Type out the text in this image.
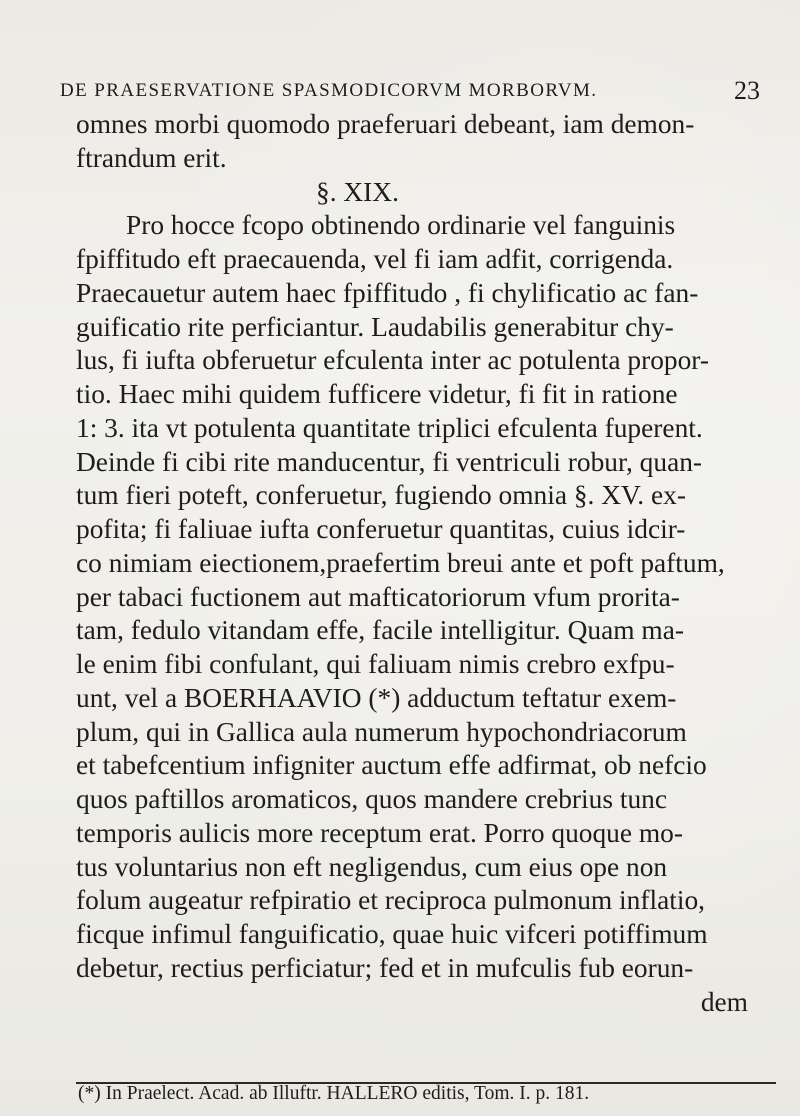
DE PRAESERVATIONE SPASMODICORVM MORBORVM.	23
omnes morbi quomodo praeferuari debeant, iam demon-
ftrandum erit.
§. XIX.
Pro hocce fcopo obtinendo ordinarie vel fanguinis
fpiffitudo eft praecauenda, vel fi iam adfit, corrigenda.
Praecauetur autem haec fpiffitudo , fi chylificatio ac fan-
guificatio rite perficiantur. Laudabilis generabitur chy-
lus, fi iufta obferuetur efculenta inter ac potulenta propor-
tio. Haec mihi quidem fufficere videtur, fi fit in ratione
1: 3. ita vt potulenta quantitate triplici efculenta fuperent.
Deinde fi cibi rite manducentur, fi ventriculi robur, quan-
tum fieri poteft, conferuetur, fugiendo omnia §. XV. ex-
pofita; fi faliuae iufta conferuetur quantitas, cuius idcir-
co nimiam eiectionem,praefertim breui ante et poft paftum,
per tabaci fuctionem aut mafticatoriorum vfum prorita-
tam, fedulo vitandam effe, facile intelligitur. Quam ma-
le enim fibi confulant, qui faliuam nimis crebro exfpu-
unt, vel a BOERHAAVIO (*) adductum teftatur exem-
plum, qui in Gallica aula numerum hypochondriacorum
et tabefcentium infigniter auctum effe adfirmat, ob nefcio
quos paftillos aromaticos, quos mandere crebrius tunc
temporis aulicis more receptum erat. Porro quoque mo-
tus voluntarius non eft negligendus, cum eius ope non
folum augeatur refpiratio et reciproca pulmonum inflatio,
ficque infimul fanguificatio, quae huic vifceri potiffimum
debetur, rectius perficiatur; fed et in mufculis fub eorun-
dem
(*) In Praelect. Acad. ab Illuftr. HALLERO editis, Tom. I. p. 181.
